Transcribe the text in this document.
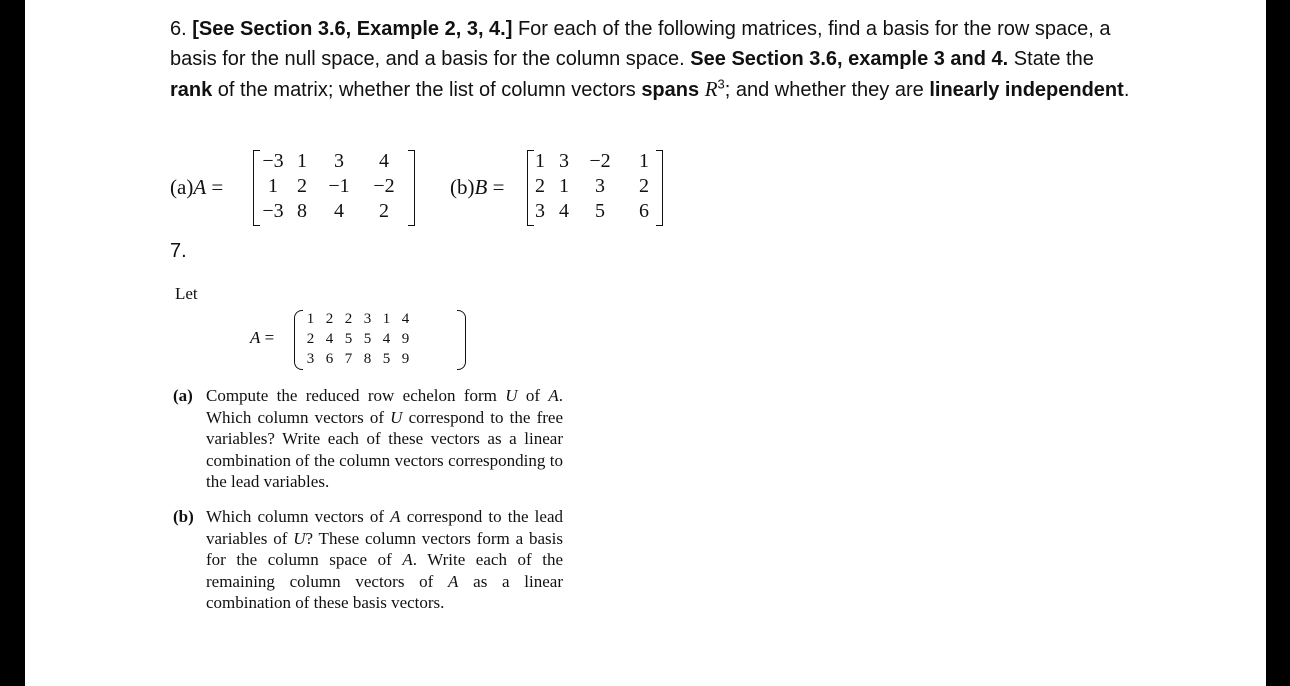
6. [See Section 3.6, Example 2, 3, 4.] For each of the following matrices, find a basis for the row space, a basis for the null space, and a basis for the column space. See Section 3.6, example 3 and 4. State the rank of the matrix; whether the list of column vectors spans $R^3$; and whether they are linearly independent.
(a)A =
−3 1	3	4
1 2	−1	−2
−3 8	4	2
(b)B =
1 3	−2	1
2 1	3	2
3 4	5	6
7.
Let
A =
1 2 2 3 1 4
2 4 5 5 4 9
3 6 7 8 5 9
(a) Compute the reduced row echelon form U of A. Which column vectors of U correspond to the free variables? Write each of these vectors as a linear combination of the column vectors corresponding to the lead variables.
(b) Which column vectors of A correspond to the lead variables of U? These column vectors form a basis for the column space of A. Write each of the remaining column vectors of A as a linear combination of these basis vectors.
